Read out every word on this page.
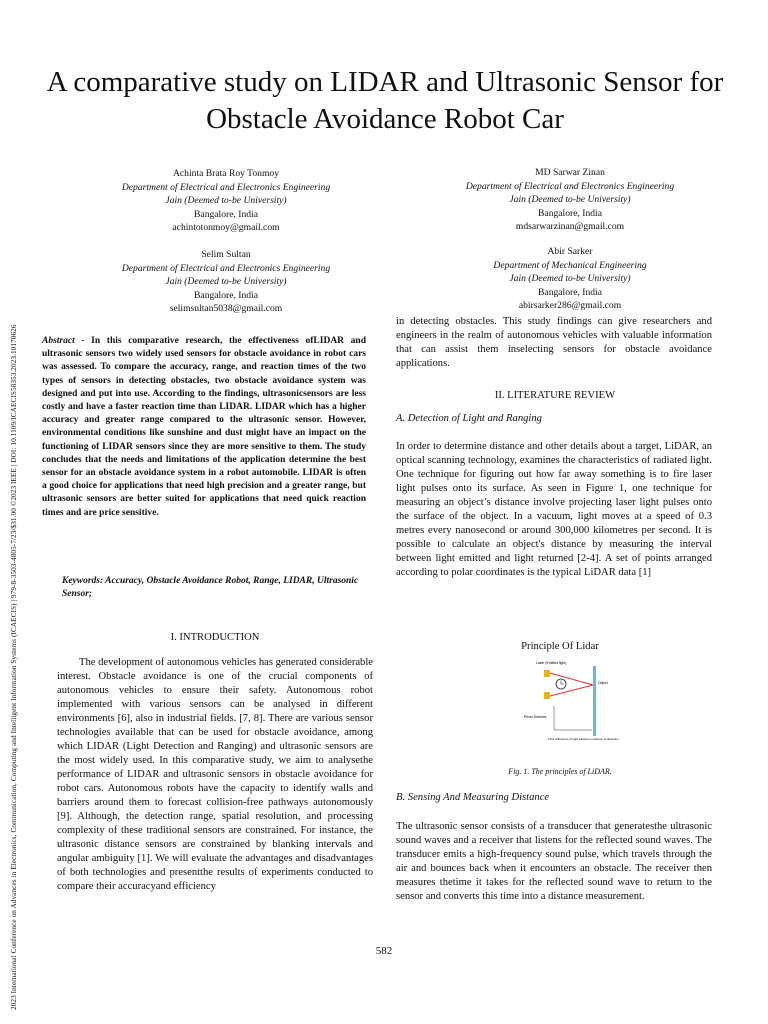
2023 International Conference on Advances in Electronics, Communication, Computing and Intelligent Information Systems (ICAECIS) | 979-8-3503-4805-7/23/$31.00 ©2023 IEEE | DOI: 10.1109/ICAECIS58353.2023.10170626
A comparative study on LIDAR and Ultrasonic Sensor for Obstacle Avoidance Robot Car
Achinta Brata Roy Tonmoy
Department of Electrical and Electronics Engineering
Jain (Deemed to-be University)
Bangalore, India
achintotonmoy@gmail.com
MD Sarwar Zinan
Department of Electrical and Electronics Engineering
Jain (Deemed to-be University)
Bangalore, India
mdsarwarzinan@gmail.com
Selim Sultan
Department of Electrical and Electronics Engineering
Jain (Deemed to-be University)
Bangalore, India
selimsultan5038@gmail.com
Abir Sarker
Department of Mechanical Engineering
Jain (Deemed to-be University)
Bangalore, India
abirsarker286@gmail.com
Abstract - In this comparative research, the effectiveness ofLIDAR and ultrasonic sensors two widely used sensors for obstacle avoidance in robot cars was assessed. To compare the accuracy, range, and reaction times of the two types of sensors in detecting obstacles, two obstacle avoidance system was designed and put into use. According to the findings, ultrasonicsensors are less costly and have a faster reaction time than LIDAR. LIDAR which has a higher accuracy and greater range compared to the ultrasonic sensor. However, environmental conditions like sunshine and dust might have an impact on the functioning of LIDAR sensors since they are more sensitive to them. The study concludes that the needs and limitations of the application determine the best sensor for an obstacle avoidance system in a robot automobile. LIDAR is often a good choice for applications that need high precision and a greater range, but ultrasonic sensors are better suited for applications that need quick reaction times and are price sensitive.
Keywords: Accuracy, Obstacle Avoidance Robot, Range, LIDAR, Ultrasonic Sensor;
I. INTRODUCTION
The development of autonomous vehicles has generated considerable interest. Obstacle avoidance is one of the crucial components of autonomous vehicles to ensure their safety. Autonomous robot implemented with various sensors can be analysed in different environments [6], also in industrial fields. [7, 8]. There are various sensor technologies available that can be used for obstacle avoidance, among which LIDAR (Light Detection and Ranging) and ultrasonic sensors are the most widely used. In this comparative study, we aim to analysethe performance of LIDAR and ultrasonic sensors in obstacle avoidance for robot cars. Autonomous robots have the capacity to identify walls and barriers around them to forecast collision-free pathways autonomously [9]. Although, the detection range, spatial resolution, and processing complexity of these traditional sensors are constrained. For instance, the ultrasonic distance sensors are constrained by blanking intervals and angular ambiguity [1]. We will evaluate the advantages and disadvantages of both technologies and presentthe results of experiments conducted to compare their accuracyand efficiency
in detecting obstacles. This study findings can give researchers and engineers in the realm of autonomous vehicles with valuable information that can assist them inselecting sensors for obstacle avoidance applications.
II. LITERATURE REVIEW
A. Detection of Light and Ranging
In order to determine distance and other details about a target, LiDAR, an optical scanning technology, examines the characteristics of radiated light. One technique for figuring out how far away something is to fire laser light pulses onto its surface. As seen in Figure 1, one technique for measuring an object’s distance involve projecting laser light pulses onto the surface of the object. In a vacuum, light moves at a speed of 0.3 metres every nanosecond or around 300,000 kilometres per second. It is possible to calculate an object's distance by measuring the interval between light emitted and light returned [2-4]. A set of points arranged according to polar coordinates is the typical LiDAR data [1]
Principle Of Lidar
Laser (Emitted light)
Object
Photo Detector
Time difference of light between emission & detection
Fig. 1. The principles of LiDAR.
B. Sensing And Measuring Distance
The ultrasonic sensor consists of a transducer that generatesthe ultrasonic sound waves and a receiver that listens for the reflected sound waves. The transducer emits a high-frequency sound pulse, which travels through the air and bounces back when it encounters an obstacle. The receiver then measures thetime it takes for the reflected sound wave to return to the sensor and converts this time into a distance measurement.
582
